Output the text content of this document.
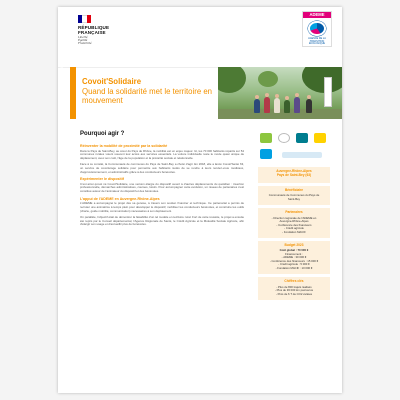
RÉPUBLIQUE
FRANÇAISE
Liberté
Égalité
Fraternité
ADEME
AGENCE DE LA
TRANSITION
ÉCOLOGIQUE
ÉTUDE DE CAS Covoit'Solidaire
Quand la solidarité met le territoire en mouvement
Pourquoi agir ?
Réinventer la mobilité de proximité par la solidarité

Dans le Pays de Saint-Bey, au cœur du Pays de Rhône, la mobilité est un enjeu majeur. Ici, les 70 000 habitants répartis sur 54 communes rurales voient souvent leur accès aux services essentiels. La voiture individuelle reste le mode quasi unique de déplacement, avec son coût, l'âge de la population et la précarité sociale et relationnelle.

Face à ce constat, la Communauté de communes du Pays de Saint-Bey a choisi d'agir. En 2018, elle a lancé Covoit'Santé 63, un service de covoiturage solidaire pour permettre aux habitants isolés de se rendre à leurs rendez-vous médicaux, d'approvisionnement, et administratifs grâce à des conducteurs bénévoles.

Expérimenter le dispositif

C'est ainsi qu'est né Covoit'Solidaire, une version élargie du dispositif ouvert à d'autres déplacements du quotidien : insertion professionnelle, démarches administratives, courses, loisirs. Pour accompagner cette évolution, un réseau de partenaires s'est constitué autour de l'animateur du dispositif et des bénévoles.

L'appui de l'ADEME en Auvergne-Rhône-Alpes

L'ADEME a accompagné le projet dès sa genèse, à travers son soutien financier et technique. Ce partenariat a permis de recruter une animatrice à temps plein pour développer le dispositif, mobiliser les conducteurs bénévoles, et construire les outils (charte, guide mobilité, communication) nécessaires à son déploiement.

On parallèle, l'objectif était de démontrer la faisabilité d'un tel modèle en territoire rural. Fort de cette réussite, le projet a ensuite été repris par le Conseil départemental, l'Agence Régionale de Santé, le Crédit Agricole et la Mutualité Sociale Agricole, afin d'élargir son usage et d'accueillir plus de bénévoles.

Auvergne-Rhône-Alpes
Pays de Saint-Bey (63)
Bénéficiaire
Communauté de Communes du Pays de
Saint-Bey
Partenaires
- Direction régionale de l'ADEME en
Auvergne-Rhône-Alpes
- Conférence des financeurs
- Crédit agricole
- Fondation MACIF
Budget 2023
Coût global : 70 000 €
Financement :
- ADEME : 30 000 €
- Conférence des financeurs : 15 000 €
- Crédit agricole : 5 000 €
- Fondation MACIF : 10 000 €
Chiffres clés
- Plus de 800 trajets réalisés
- Plus de 36 000 km parcourus
- Près de 6 T de CO2 évitées
